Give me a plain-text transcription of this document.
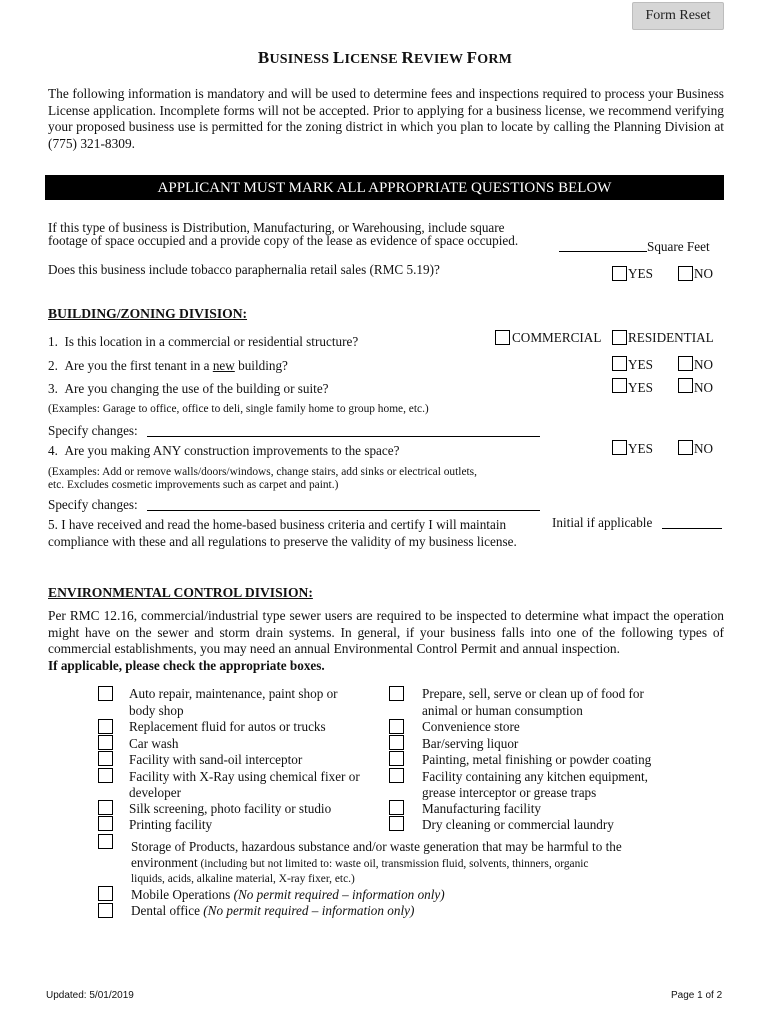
Form Reset
BUSINESS LICENSE REVIEW FORM
The following information is mandatory and will be used to determine fees and inspections required to process your Business License application. Incomplete forms will not be accepted. Prior to applying for a business license, we recommend verifying your proposed business use is permitted for the zoning district in which you plan to locate by calling the Planning Division at (775) 321-8309.
APPLICANT MUST MARK ALL APPROPRIATE QUESTIONS BELOW
If this type of business is Distribution, Manufacturing, or Warehousing, include square
footage of space occupied and a provide copy of the lease as evidence of space occupied.	Square Feet
Does this business include tobacco paraphernalia retail sales (RMC 5.19)?	YES	NO
BUILDING/ZONING DIVISION:
1.  Is this location in a commercial or residential structure?	COMMERCIAL RESIDENTIAL
2.  Are you the first tenant in a new building?	YES	NO
3.  Are you changing the use of the building or suite?	YES	NO
(Examples: Garage to office, office to deli, single family home to group home, etc.)
Specify changes:
4.  Are you making ANY construction improvements to the space?	YES	NO
(Examples: Add or remove walls/doors/windows, change stairs, add sinks or electrical outlets,
etc. Excludes cosmetic improvements such as carpet and paint.)
Specify changes:
5. I have received and read the home-based business criteria and certify I will maintain
compliance with these and all regulations to preserve the validity of my business license.
Initial if applicable
ENVIRONMENTAL CONTROL DIVISION:
Per RMC 12.16, commercial/industrial type sewer users are required to be inspected to determine what impact the operation might have on the sewer and storm drain systems. In general, if your business falls into one of the following types of commercial establishments, you may need an annual Environmental Control Permit and annual inspection.
If applicable, please check the appropriate boxes.
Auto repair, maintenance, paint shop or
body shop
Replacement fluid for autos or trucks
Car wash
Facility with sand-oil interceptor
Facility with X-Ray using chemical fixer or
developer
Silk screening, photo facility or studio
Printing facility
Prepare, sell, serve or clean up of food for
animal or human consumption
Convenience store
Bar/serving liquor
Painting, metal finishing or powder coating
Facility containing any kitchen equipment,
grease interceptor or grease traps
Manufacturing facility
Dry cleaning or commercial laundry
Storage of Products, hazardous substance and/or waste generation that may be harmful to the
environment (including but not limited to: waste oil, transmission fluid, solvents, thinners, organic
liquids, acids, alkaline material, X-ray fixer, etc.)
Mobile Operations (No permit required – information only)
Dental office (No permit required – information only)
Updated: 5/01/2019	Page 1 of 2
